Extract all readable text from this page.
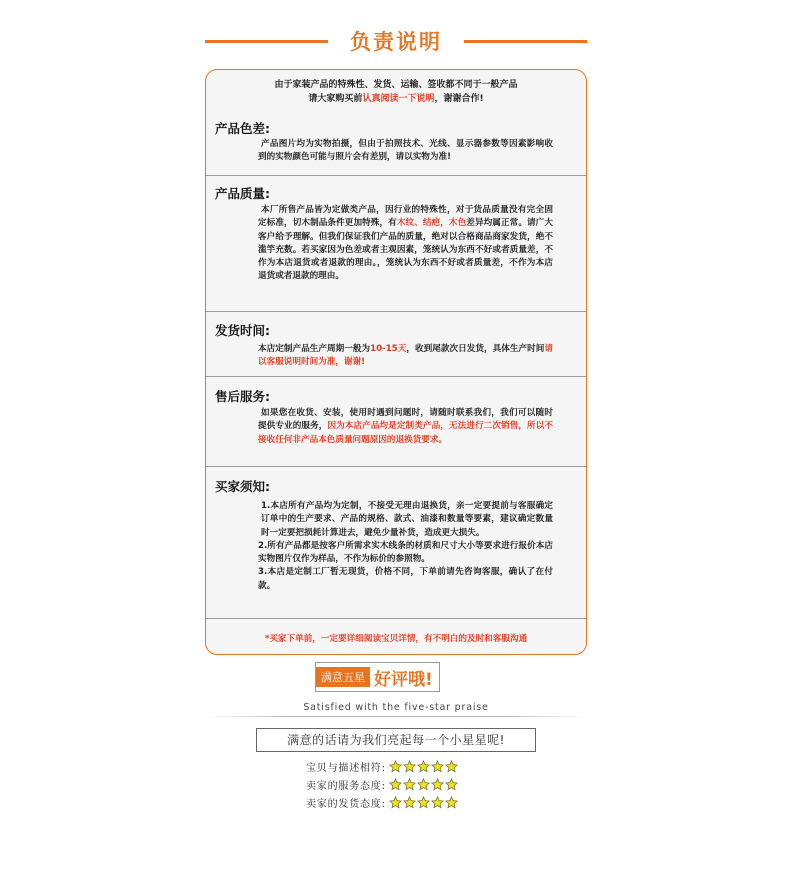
负责说明
由于家装产品的特殊性、发货、运输、签收都不同于一般产品
请大家购买前认真阅读一下说明，谢谢合作!
产品色差:
产品图片均为实物拍摄，但由于拍照技术、光线、显示器参数等因素影响收到的实物颜色可能与照片会有差别，请以实物为准!
产品质量:
本厂所售产品皆为定做类产品，因行业的特殊性，对于货品质量没有完全固定标准，切木制品条件更加特殊，有木纹、结疤，木色差异均属正常。请广大客户给予理解。但我们保证我们产品的质量，绝对以合格商品商家发货，绝不滥竽充数。若买家因为色差或者主观因素，笼统认为东西不好或者质量差，不作为本店退货或者退款的理由。，笼统认为东西不好或者质量差，不作为本店退货或者退款的理由。
发货时间:
本店定制产品生产周期一般为10-15天，收到尾款次日发货，具体生产时间请以客服说明时间为准，谢谢!
售后服务:
如果您在收货、安装，使用时遇到问题时，请随时联系我们，我们可以随时提供专业的服务，因为本店产品均是定制类产品，无法进行二次销售，所以不接收任何非产品本色质量问题原因的退换货要求。
买家须知:
1.本店所有产品均为定制，不接受无理由退换货，亲一定要提前与客服确定订单中的生产要求、产品的规格、款式、油漆和数量等要素，建议确定数量时一定要把损耗计算进去，避免少量补货，造成更大损失。
2.所有产品都是按客户所需求实木线条的材质和尺寸大小等要求进行报价本店实物图片仅作为样品，不作为标价的参照物。
3.本店是定制工厂暂无现货，价格不同，下单前请先咨询客服，确认了在付款。
*买家下单前，一定要详细阅读宝贝详情，有不明白的及时和客服沟通
满意五星 好评哦!
Satisfied with the five-star praise
满意的话请为我们亮起每一个小星星呢!
宝贝与描述相符:
卖家的服务态度:
卖家的发货态度:
